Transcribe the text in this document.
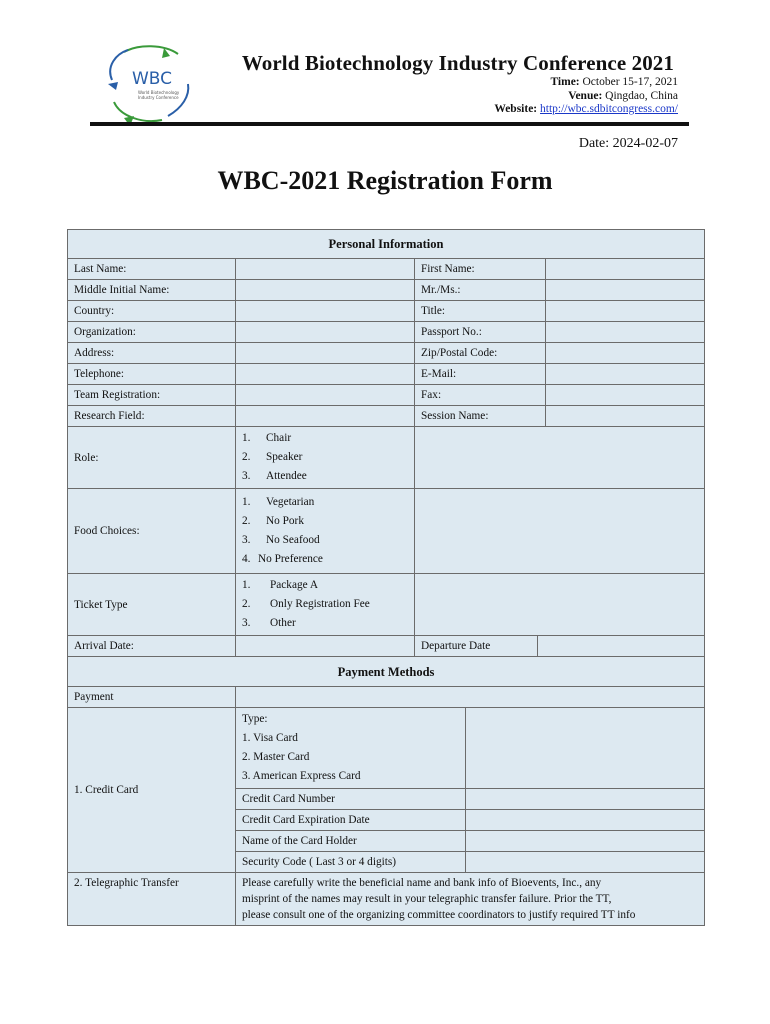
WBC
World Biotechnology
Industry Conference
World Biotechnology Industry Conference 2021
Time: October 15-17, 2021
Venue: Qingdao, China
Website: http://wbc.sdbitcongress.com/
Date: 2024-02-07
WBC-2021 Registration Form
Personal Information
Last Name:		First Name:	
Middle Initial Name:		Mr./Ms.:	
Country:		Title:	
Organization:		Passport No.:	
Address:		Zip/Postal Code:	
Telephone:		E-Mail:	
Team Registration:		Fax:	
Research Field:		Session Name:	
Role:	
1. Chair
2. Speaker
3. Attendee

Food Choices:	
1. Vegetarian
2. No Pork
3. No Seafood
4. No Preference

Ticket Type	
1. Package A
2. Only Registration Fee
3. Other

Arrival Date:			Departure Date	

Payment Methods
Payment	
1. Credit Card	
Type:
1. Visa Card
2. Master Card
3. American Express Card

Credit Card Number	
Credit Card Expiration Date	
Name of the Card Holder	
Security Code ( Last 3 or 4 digits)	

2. Telegraphic Transfer	Please carefully write the beneficial name and bank info of Bioevents, Inc., any
misprint of the names may result in your telegraphic transfer failure. Prior the TT,
please consult one of the organizing committee coordinators to justify required TT info
